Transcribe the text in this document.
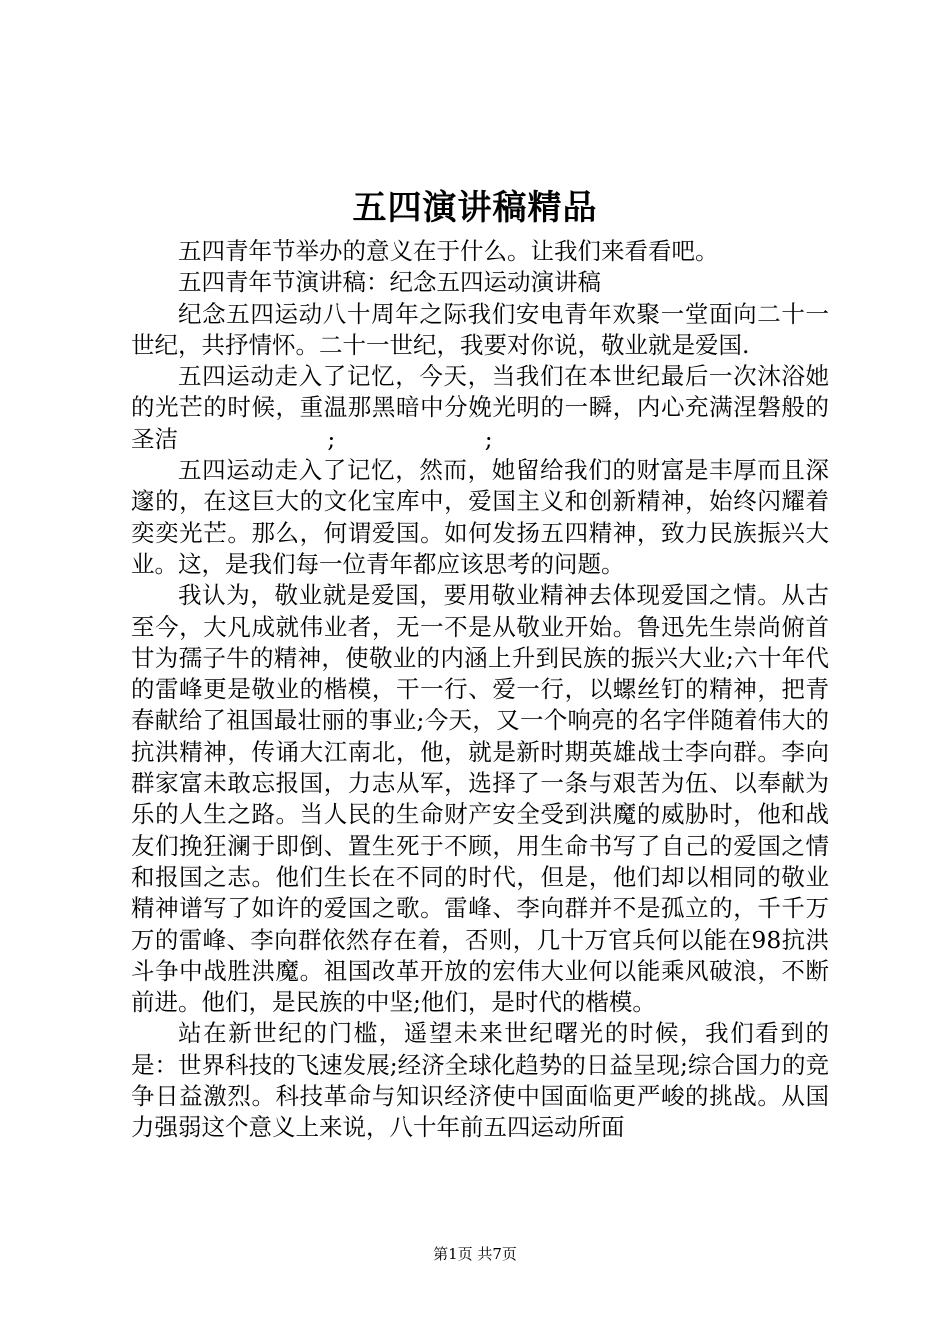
五四演讲稿精品

五四青年节举办的意义在于什么。让我们来看看吧。

五四青年节演讲稿：纪念五四运动演讲稿

纪念五四运动八十周年之际我们安电青年欢聚一堂面向二十一世纪，共抒情怀。二十一世纪，我要对你说，敬业就是爱国.

五四运动走入了记忆，今天，当我们在本世纪最后一次沐浴她的光芒的时候，重温那黑暗中分娩光明的一瞬，内心充满涅磐般的圣洁                    ;                    ;

五四运动走入了记忆，然而，她留给我们的财富是丰厚而且深邃的，在这巨大的文化宝库中，爱国主义和创新精神，始终闪耀着奕奕光芒。那么，何谓爱国。如何发扬五四精神，致力民族振兴大业。这，是我们每一位青年都应该思考的问题。

我认为，敬业就是爱国，要用敬业精神去体现爱国之情。从古至今，大凡成就伟业者，无一不是从敬业开始。鲁迅先生崇尚俯首甘为孺子牛的精神，使敬业的内涵上升到民族的振兴大业;六十年代的雷峰更是敬业的楷模，干一行、爱一行，以螺丝钉的精神，把青春献给了祖国最壮丽的事业;今天，又一个响亮的名字伴随着伟大的抗洪精神，传诵大江南北，他，就是新时期英雄战士李向群。李向群家富未敢忘报国，力志从军，选择了一条与艰苦为伍、以奉献为乐的人生之路。当人民的生命财产安全受到洪魔的威胁时，他和战友们挽狂澜于即倒、置生死于不顾，用生命书写了自己的爱国之情和报国之志。他们生长在不同的时代，但是，他们却以相同的敬业精神谱写了如许的爱国之歌。雷峰、李向群并不是孤立的，千千万万的雷峰、李向群依然存在着，否则，几十万官兵何以能在98抗洪斗争中战胜洪魔。祖国改革开放的宏伟大业何以能乘风破浪，不断前进。他们，是民族的中坚;他们，是时代的楷模。

站在新世纪的门槛，遥望未来世纪曙光的时候，我们看到的是：世界科技的飞速发展;经济全球化趋势的日益呈现;综合国力的竞争日益激烈。科技革命与知识经济使中国面临更严峻的挑战。从国力强弱这个意义上来说，八十年前五四运动所面

第1页 共7页
